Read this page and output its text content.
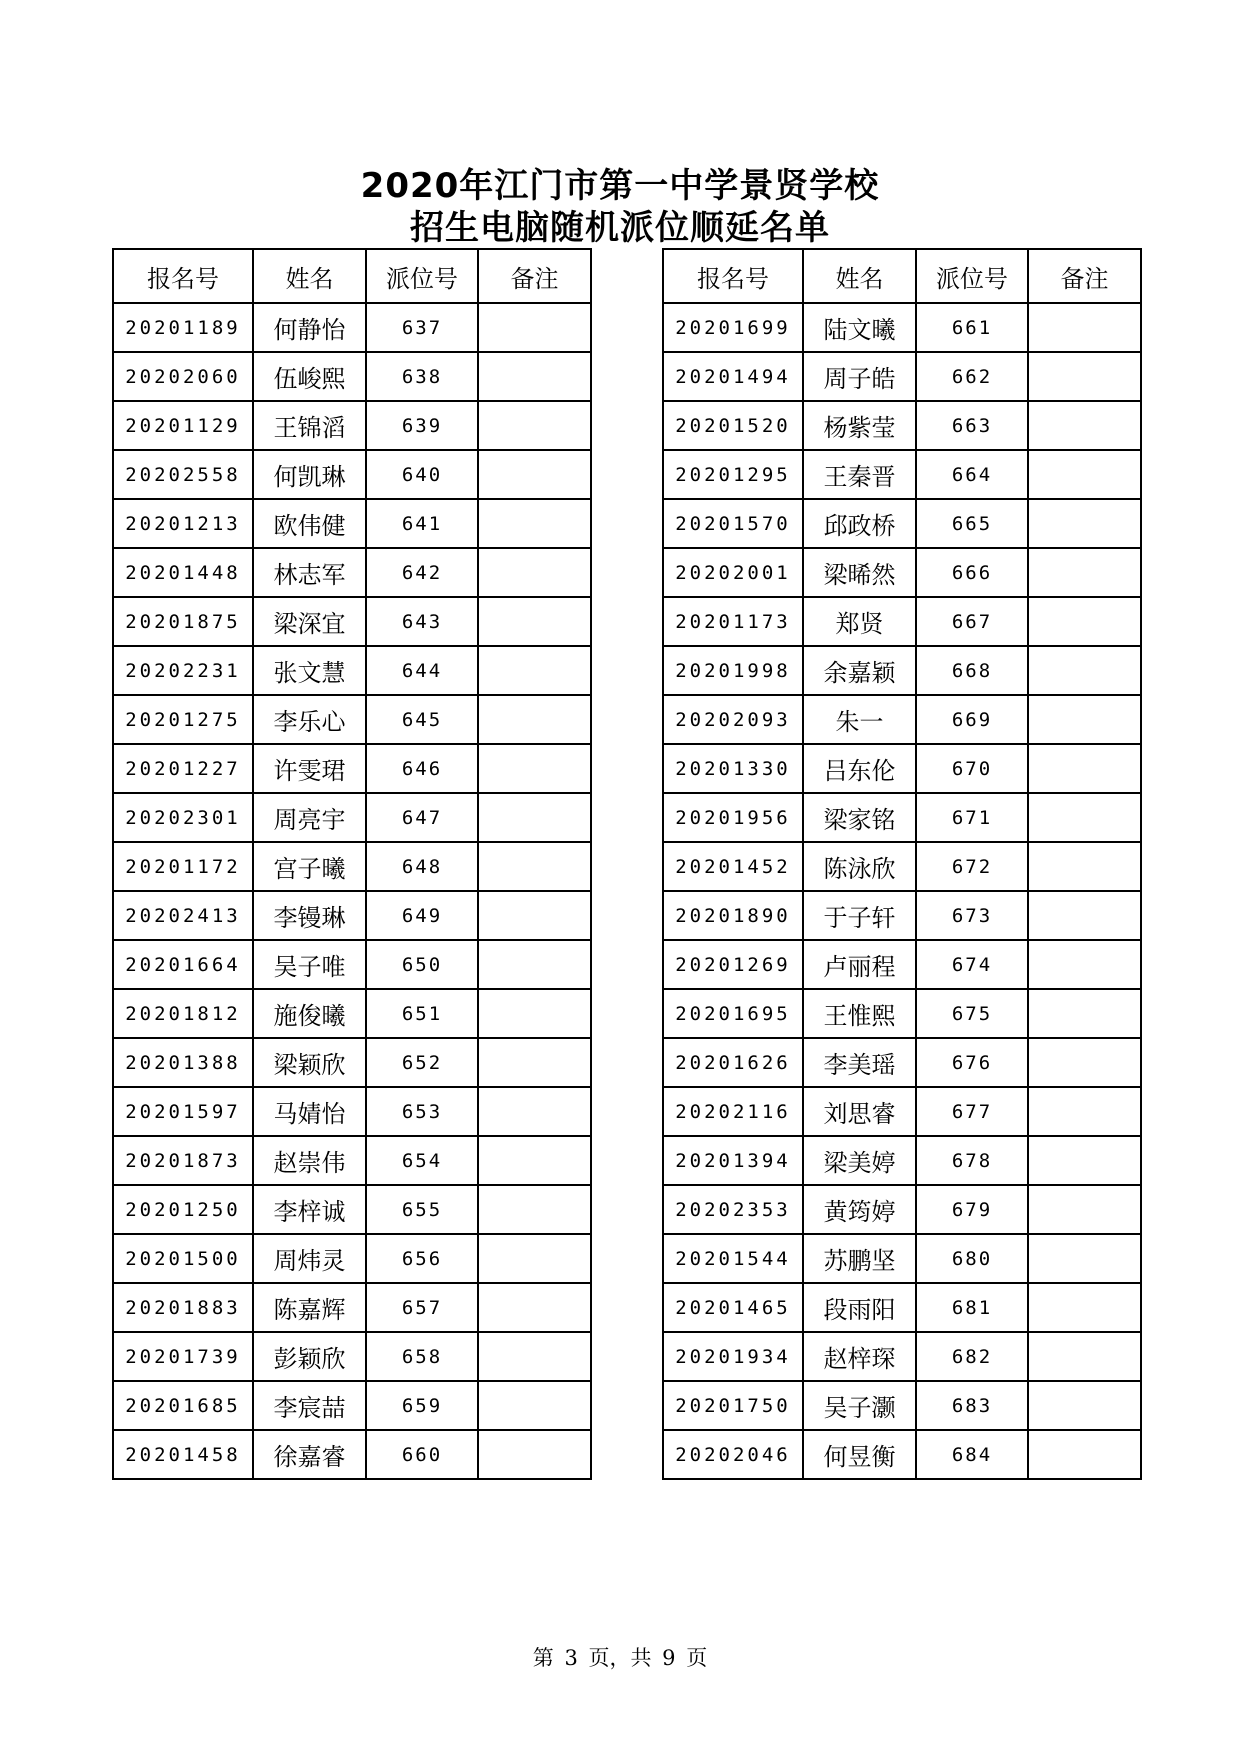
2020年江门市第一中学景贤学校
招生电脑随机派位顺延名单
报名号	姓名	派位号	备注
20201189	何静怡	637	
20202060	伍峻熙	638	
20201129	王锦滔	639	
20202558	何凯琳	640	
20201213	欧伟健	641	
20201448	林志军	642	
20201875	梁深宜	643	
20202231	张文慧	644	
20201275	李乐心	645	
20201227	许雯珺	646	
20202301	周亮宇	647	
20201172	宫子曦	648	
20202413	李镘琳	649	
20201664	吴子唯	650	
20201812	施俊曦	651	
20201388	梁颖欣	652	
20201597	马婧怡	653	
20201873	赵崇伟	654	
20201250	李梓诚	655	
20201500	周炜灵	656	
20201883	陈嘉辉	657	
20201739	彭颖欣	658	
20201685	李宸喆	659	
20201458	徐嘉睿	660	
报名号	姓名	派位号	备注
20201699	陆文曦	661	
20201494	周子皓	662	
20201520	杨紫莹	663	
20201295	王秦晋	664	
20201570	邱政桥	665	
20202001	梁晞然	666	
20201173	郑贤	667	
20201998	余嘉颖	668	
20202093	朱一	669	
20201330	吕东伦	670	
20201956	梁家铭	671	
20201452	陈泳欣	672	
20201890	于子轩	673	
20201269	卢丽程	674	
20201695	王惟熙	675	
20201626	李美瑶	676	
20202116	刘思睿	677	
20201394	梁美婷	678	
20202353	黄筠婷	679	
20201544	苏鹏坚	680	
20201465	段雨阳	681	
20201934	赵梓琛	682	
20201750	吴子灏	683	
20202046	何昱衡	684	
第 3 页，共 9 页
